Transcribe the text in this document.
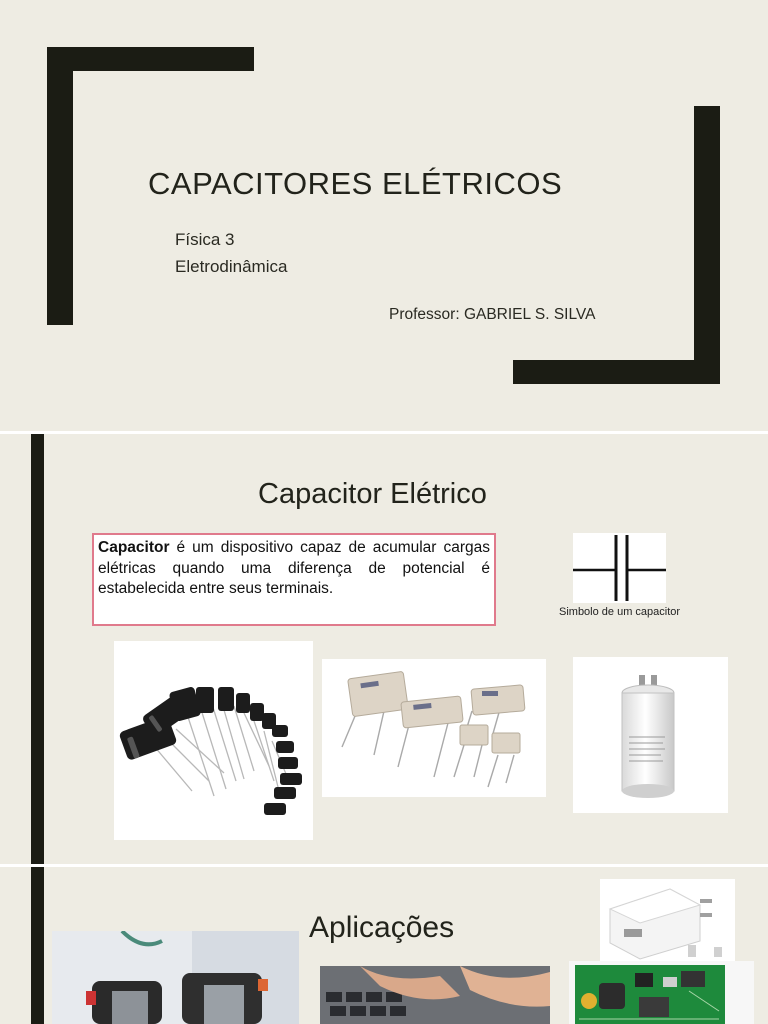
CAPACITORES ELÉTRICOS
Física 3
Eletrodinâmica
Professor: GABRIEL S. SILVA
Capacitor Elétrico
Capacitor é um dispositivo capaz de acumular cargas elétricas quando uma diferença de potencial é estabelecida entre seus terminais.
Simbolo de um capacitor
Aplicações
